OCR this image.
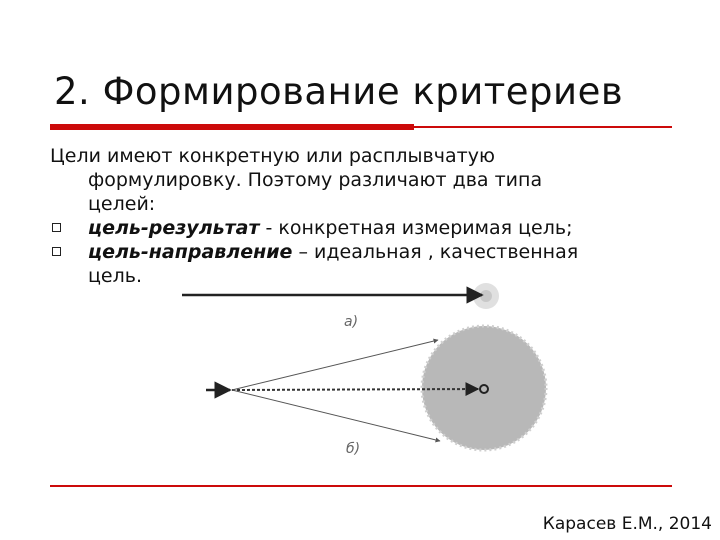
2. Формирование критериев
Цели имеют конкретную или расплывчатую
формулировку. Поэтому различают два типа
целей:
цель-результат - конкретная измеримая цель;
цель-направление – идеальная , качественная
цель.
а)
б)
Карасев Е.М., 2014
